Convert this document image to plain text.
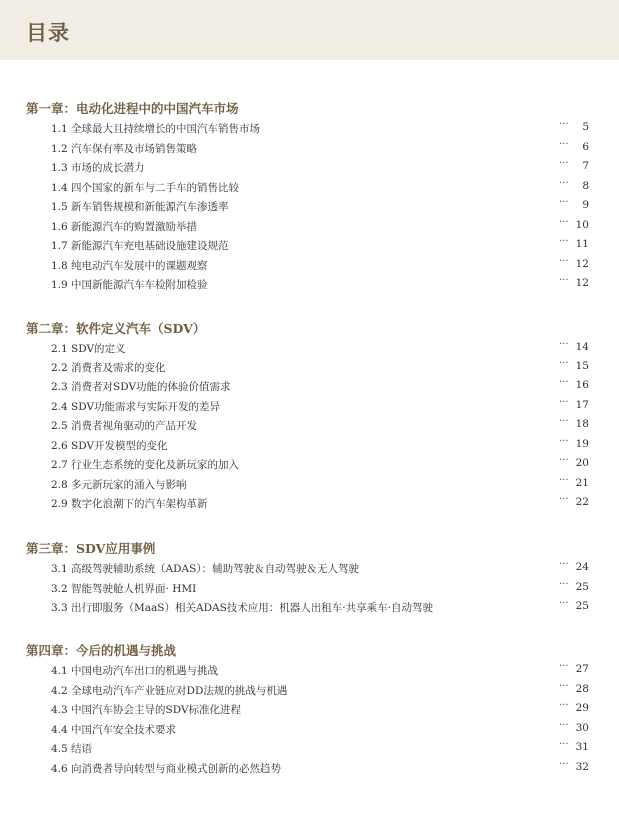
目录
第一章：电动化进程中的中国汽车市场
1.1 全球最大且持续增长的中国汽车销售市场	··· 5
1.2 汽车保有率及市场销售策略	··· 6
1.3 市场的成长潜力	··· 7
1.4 四个国家的新车与二手车的销售比较	··· 8
1.5 新车销售规模和新能源汽车渗透率	··· 9
1.6 新能源汽车的购置激励举措	··· 10
1.7 新能源汽车充电基础设施建设规范	··· 11
1.8 纯电动汽车发展中的课题观察	··· 12
1.9 中国新能源汽车车检附加检验	··· 12
第二章：软件定义汽车（SDV）
2.1 SDV的定义	··· 14
2.2 消费者及需求的变化	··· 15
2.3 消费者对SDV功能的体验价值需求	··· 16
2.4 SDV功能需求与实际开发的差异	··· 17
2.5 消费者视角驱动的产品开发	··· 18
2.6 SDV开发模型的变化	··· 19
2.7 行业生态系统的变化及新玩家的加入	··· 20
2.8 多元新玩家的涌入与影响	··· 21
2.9 数字化浪潮下的汽车架构革新	··· 22
第三章：SDV应用事例
3.1 高级驾驶辅助系统（ADAS）：辅助驾驶＆自动驾驶＆无人驾驶	··· 24
3.2 智能驾驶舱人机界面· HMI	··· 25
3.3 出行即服务（MaaS）相关ADAS技术应用：机器人出租车·共享乘车·自动驾驶	··· 25
第四章：今后的机遇与挑战
4.1 中国电动汽车出口的机遇与挑战	··· 27
4.2 全球电动汽车产业链应对DD法规的挑战与机遇	··· 28
4.3 中国汽车协会主导的SDV标准化进程	··· 29
4.4 中国汽车安全技术要求	··· 30
4.5 结语	··· 31
4.6 向消费者导向转型与商业模式创新的必然趋势	··· 32
